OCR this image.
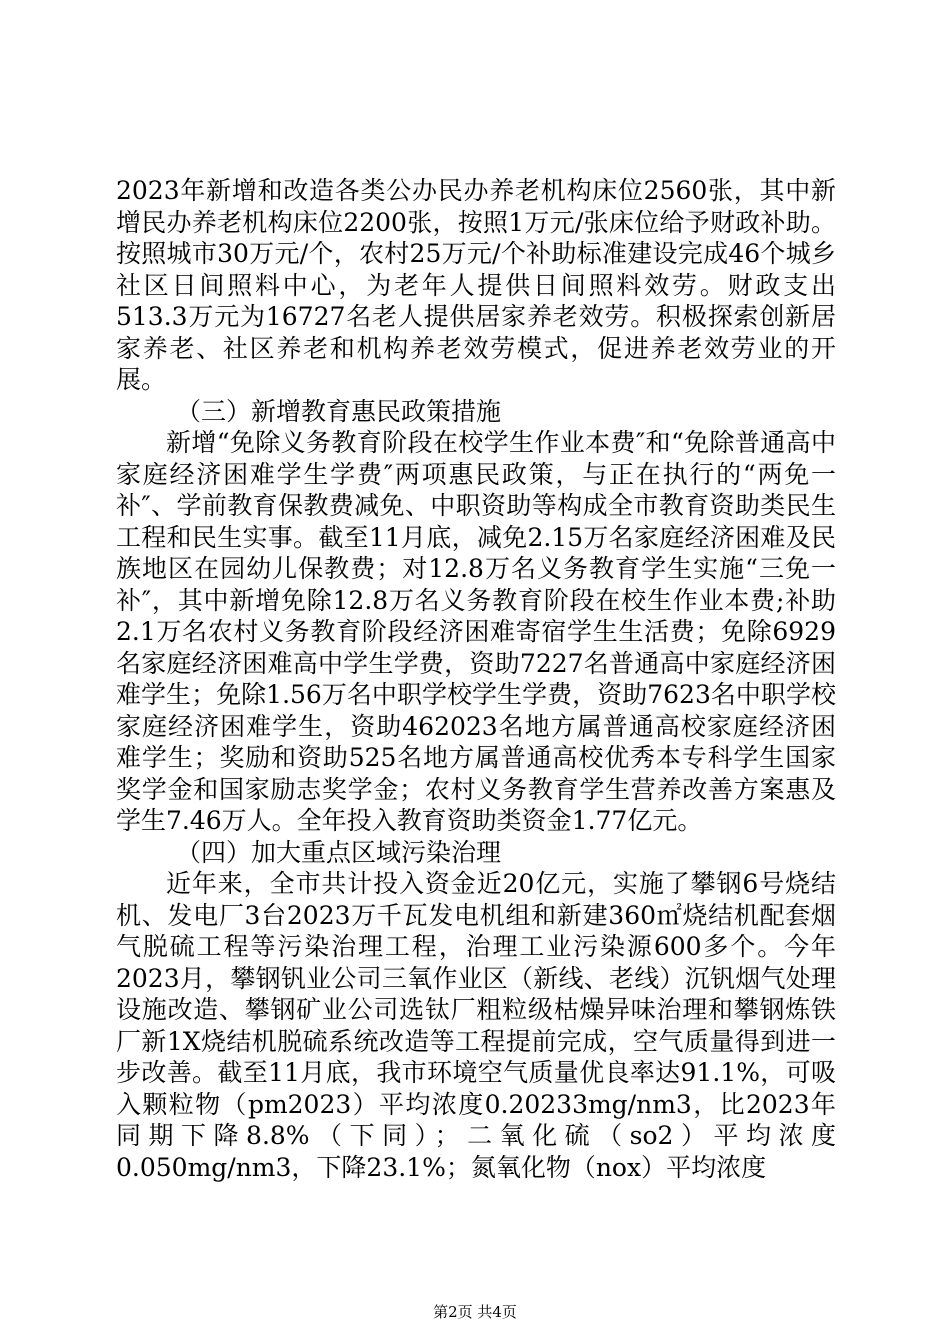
2023年新增和改造各类公办民办养老机构床位2560张，其中新增民办养老机构床位2200张，按照1万元/张床位给予财政补助。按照城市30万元/个，农村25万元/个补助标准建设完成46个城乡社区日间照料中心，为老年人提供日间照料效劳。财政支出513.3万元为16727名老人提供居家养老效劳。积极探索创新居家养老、社区养老和机构养老效劳模式，促进养老效劳业的开展。

（三）新增教育惠民政策措施

新增“免除义务教育阶段在校学生作业本费″和“免除普通高中家庭经济困难学生学费″两项惠民政策，与正在执行的“两免一补″、学前教育保教费减免、中职资助等构成全市教育资助类民生工程和民生实事。截至11月底，减免2.15万名家庭经济困难及民族地区在园幼儿保教费；对12.8万名义务教育学生实施“三免一补″，其中新增免除12.8万名义务教育阶段在校生作业本费;补助2.1万名农村义务教育阶段经济困难寄宿学生生活费；免除6929名家庭经济困难高中学生学费，资助7227名普通高中家庭经济困难学生；免除1.56万名中职学校学生学费，资助7623名中职学校家庭经济困难学生，资助462023名地方属普通高校家庭经济困难学生；奖励和资助525名地方属普通高校优秀本专科学生国家奖学金和国家励志奖学金；农村义务教育学生营养改善方案惠及学生7.46万人。全年投入教育资助类资金1.77亿元。

（四）加大重点区域污染治理

近年来，全市共计投入资金近20亿元，实施了攀钢6号烧结机、发电厂3台2023万千瓦发电机组和新建360㎡烧结机配套烟气脱硫工程等污染治理工程，治理工业污染源600多个。今年2023月，攀钢钒业公司三氧作业区（新线、老线）沉钒烟气处理设施改造、攀钢矿业公司选钛厂粗粒级枯燥异味治理和攀钢炼铁厂新1X烧结机脱硫系统改造等工程提前完成，空气质量得到进一步改善。截至11月底，我市环境空气质量优良率达91.1%，可吸入颗粒物（pm2023）平均浓度0.20233mg/nm3，比2023年同期下降8.8%（下同）；二氧化硫（so2）平均浓度0.050mg/nm3，下降23.1%；氮氧化物（nox）平均浓度

第2页 共4页
